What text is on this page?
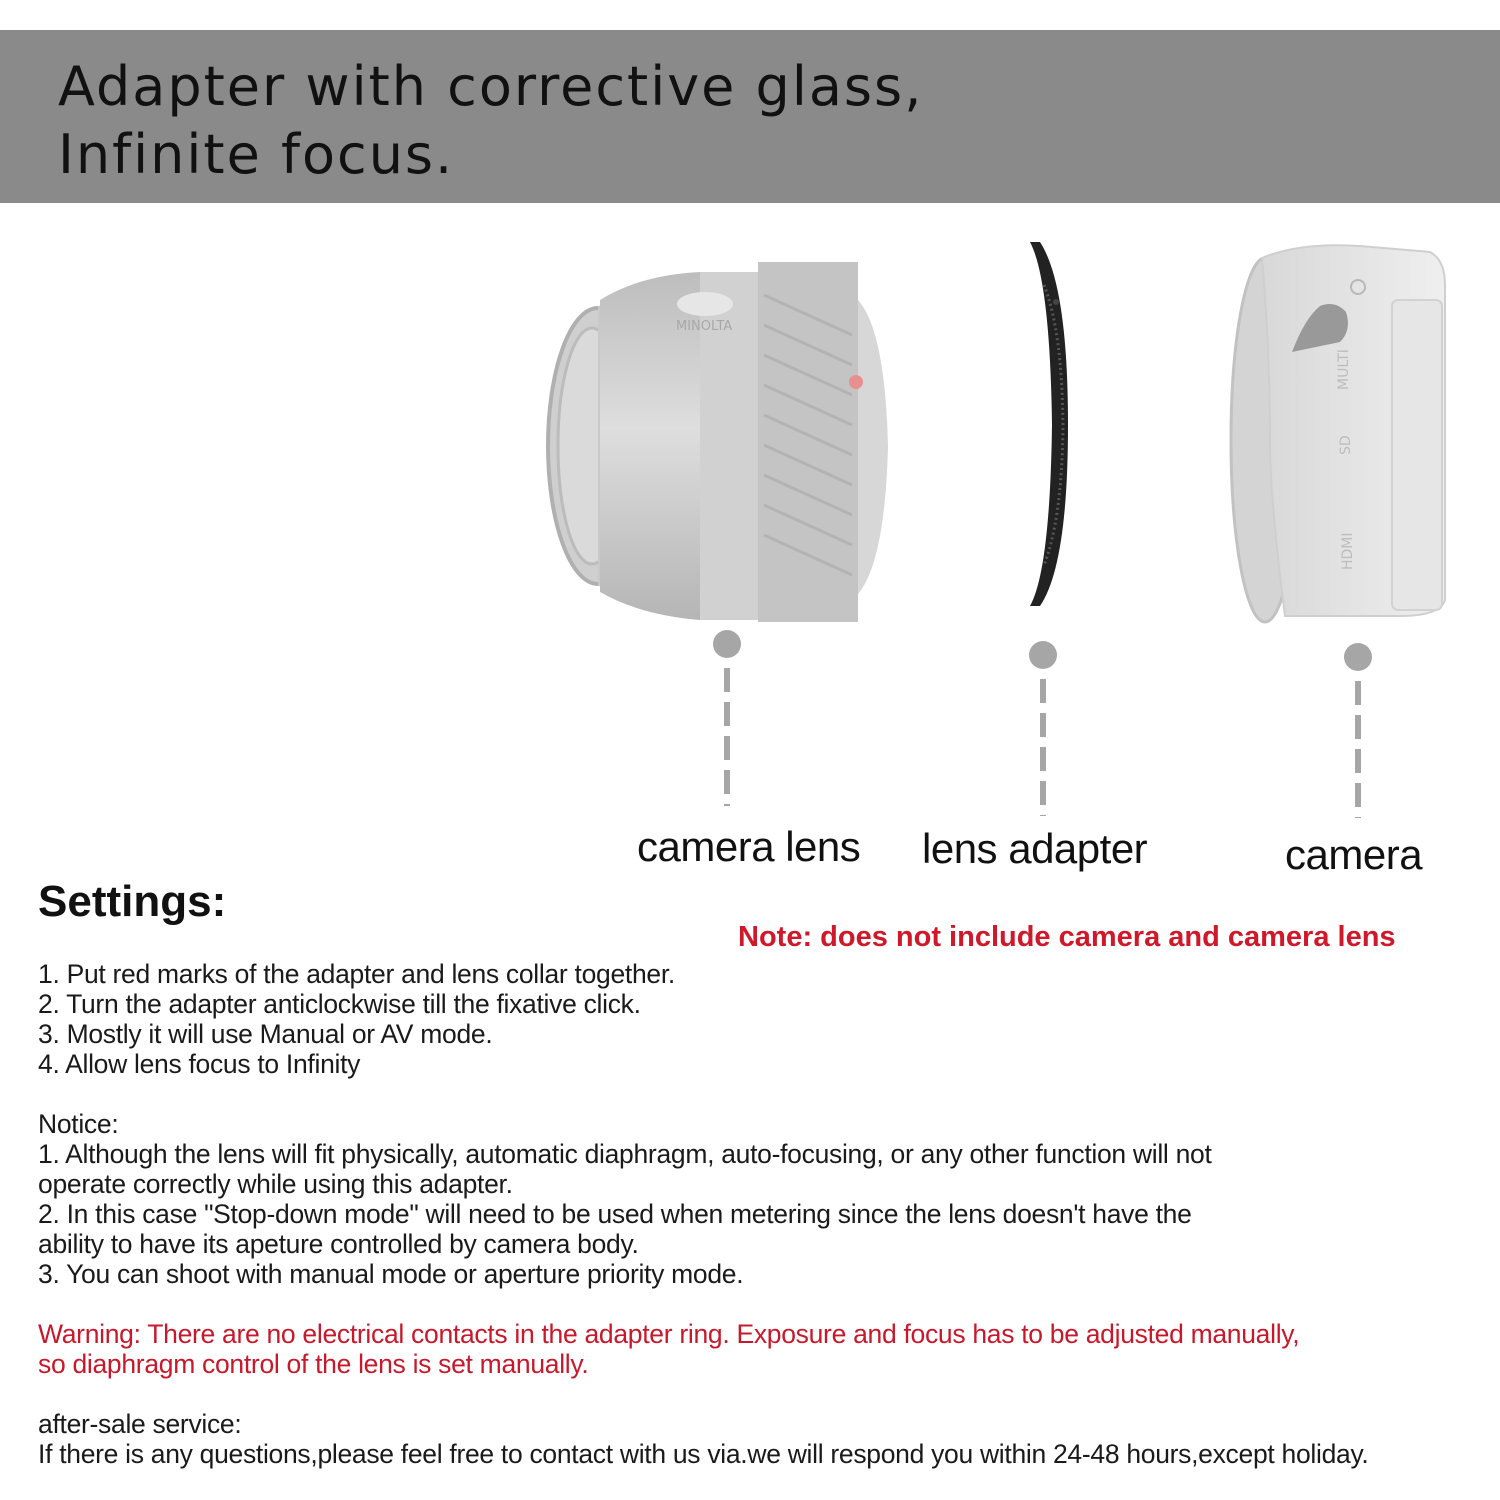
Adapter with corrective glass,
Infinite focus.
MINOLTA
MULTI
SD
HDMI
camera lens lens adapter	camera
Settings:
Note: does not include camera and camera lens
1. Put red marks of the adapter and lens collar together.
2. Turn the adapter anticlockwise till the fixative click.
3. Mostly it will use Manual or AV mode.
4. Allow lens focus to Infinity
Notice:
1. Although the lens will fit physically, automatic diaphragm, auto-focusing, or any other function will not
operate correctly while using this adapter.
2. In this case "Stop-down mode" will need to be used when metering since the lens doesn't have the
ability to have its apeture controlled by camera body.
3. You can shoot with manual mode or aperture priority mode.
Warning: There are no electrical contacts in the adapter ring. Exposure and focus has to be adjusted manually,
so diaphragm control of the lens is set manually.
after-sale service:
If there is any questions,please feel free to contact with us via.we will respond you within 24-48 hours,except holiday.
